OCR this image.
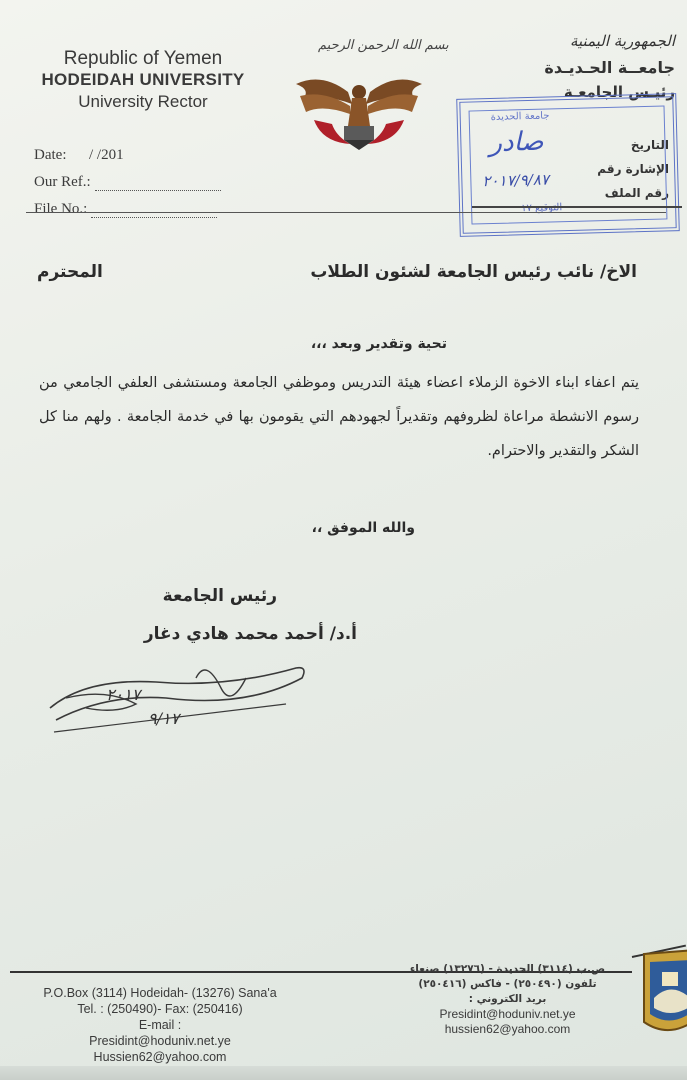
Republic of Yemen
HODEIDAH UNIVERSITY
University Rector
Date:
/ /201
Our Ref.:
File No.:
بسم الله الرحمن الرحيم	الجمهورية اليمنية
جامعــة الحـديـدة
رئيـس الجامعـة
التاريخ
الإشارة رقم
رقم الملف
جامعة الحديدة
صادر
٢٠١٧/٩/٨٧
التوقيع ١٧
الاخ/ نائب رئيس الجامعة لشئون الطلاب
المحترم
تحية وتقدير وبعد ،،،
يتم اعفاء ابناء الاخوة الزملاء اعضاء هيئة التدريس وموظفي الجامعة ومستشفى العلفي الجامعي من رسوم الانشطة مراعاة لظروفهم وتقديراً لجهودهم التي يقومون بها في خدمة الجامعة . ولهم منا كل الشكر والتقدير والاحترام.
والله الموفق ،،
رئيس الجامعة
أ.د/ أحمد محمد هادي دغار
٢٠١٧
٩/١٧
P.O.Box (3114) Hodeidah- (13276) Sana'a
Tel. : (250490)- Fax: (250416)
E-mail :
Presidint@hoduniv.net.ye
Hussien62@yahoo.com
ص.ب (٣١١٤) الحديدة - (١٣٢٧٦) صنعاء
تلفون (٢٥٠٤٩٠) - فاكس (٢٥٠٤١٦)
بريد الكتروني :
Presidint@hoduniv.net.ye
hussien62@yahoo.com
